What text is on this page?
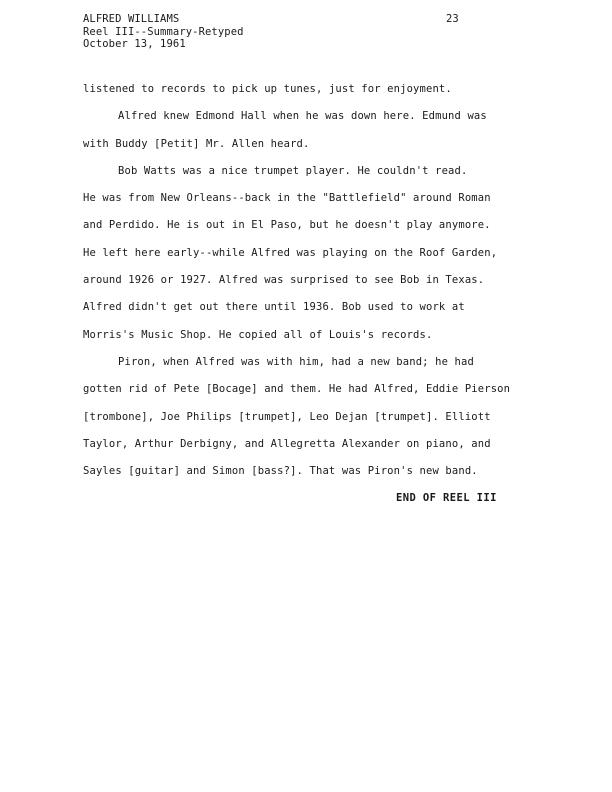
ALFRED WILLIAMS
Reel III--Summary-Retyped
October 13, 1961
23
listened to records to pick up tunes, just for enjoyment.
Alfred knew Edmond Hall when he was down here. Edmund was
with Buddy [Petit] Mr. Allen heard.
Bob Watts was a nice trumpet player. He couldn't read.
He was from New Orleans--back in the "Battlefield" around Roman
and Perdido. He is out in El Paso, but he doesn't play anymore.
He left here early--while Alfred was playing on the Roof Garden,
around 1926 or 1927. Alfred was surprised to see Bob in Texas.
Alfred didn't get out there until 1936. Bob used to work at
Morris's Music Shop. He copied all of Louis's records.
Piron, when Alfred was with him, had a new band; he had
gotten rid of Pete [Bocage] and them. He had Alfred, Eddie Pierson
[trombone], Joe Philips [trumpet], Leo Dejan [trumpet]. Elliott
Taylor, Arthur Derbigny, and Allegretta Alexander on piano, and
Sayles [guitar] and Simon [bass?]. That was Piron's new band.
END OF REEL III
